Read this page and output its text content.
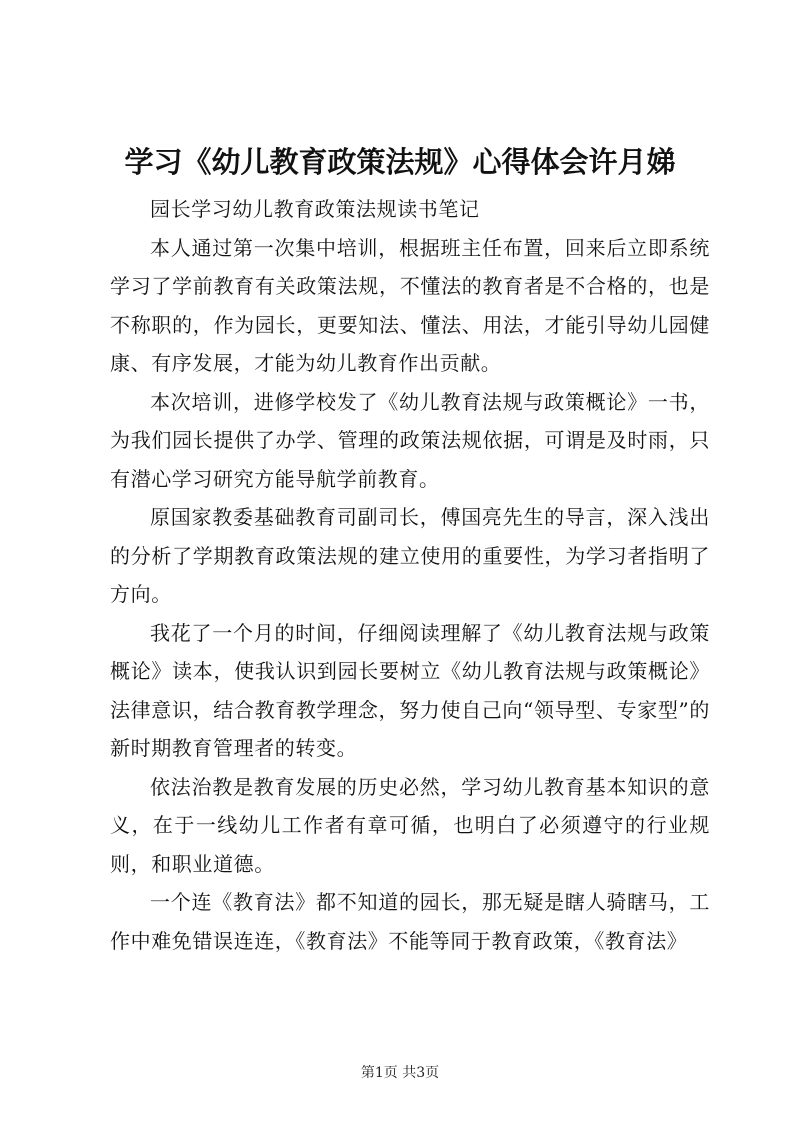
学习《幼儿教育政策法规》心得体会许月娣

园长学习幼儿教育政策法规读书笔记

本人通过第一次集中培训，根据班主任布置，回来后立即系统学习了学前教育有关政策法规，不懂法的教育者是不合格的，也是不称职的，作为园长，更要知法、懂法、用法，才能引导幼儿园健康、有序发展，才能为幼儿教育作出贡献。

本次培训，进修学校发了《幼儿教育法规与政策概论》一书，为我们园长提供了办学、管理的政策法规依据，可谓是及时雨，只有潜心学习研究方能导航学前教育。

原国家教委基础教育司副司长，傅国亮先生的导言，深入浅出的分析了学期教育政策法规的建立使用的重要性，为学习者指明了方向。

我花了一个月的时间，仔细阅读理解了《幼儿教育法规与政策概论》读本，使我认识到园长要树立《幼儿教育法规与政策概论》法律意识，结合教育教学理念，努力使自己向“领导型、专家型”的新时期教育管理者的转变。

依法治教是教育发展的历史必然，学习幼儿教育基本知识的意义，在于一线幼儿工作者有章可循，也明白了必须遵守的行业规则，和职业道德。

一个连《教育法》都不知道的园长，那无疑是瞎人骑瞎马，工作中难免错误连连，《教育法》不能等同于教育政策，《教育法》

第1页 共3页
